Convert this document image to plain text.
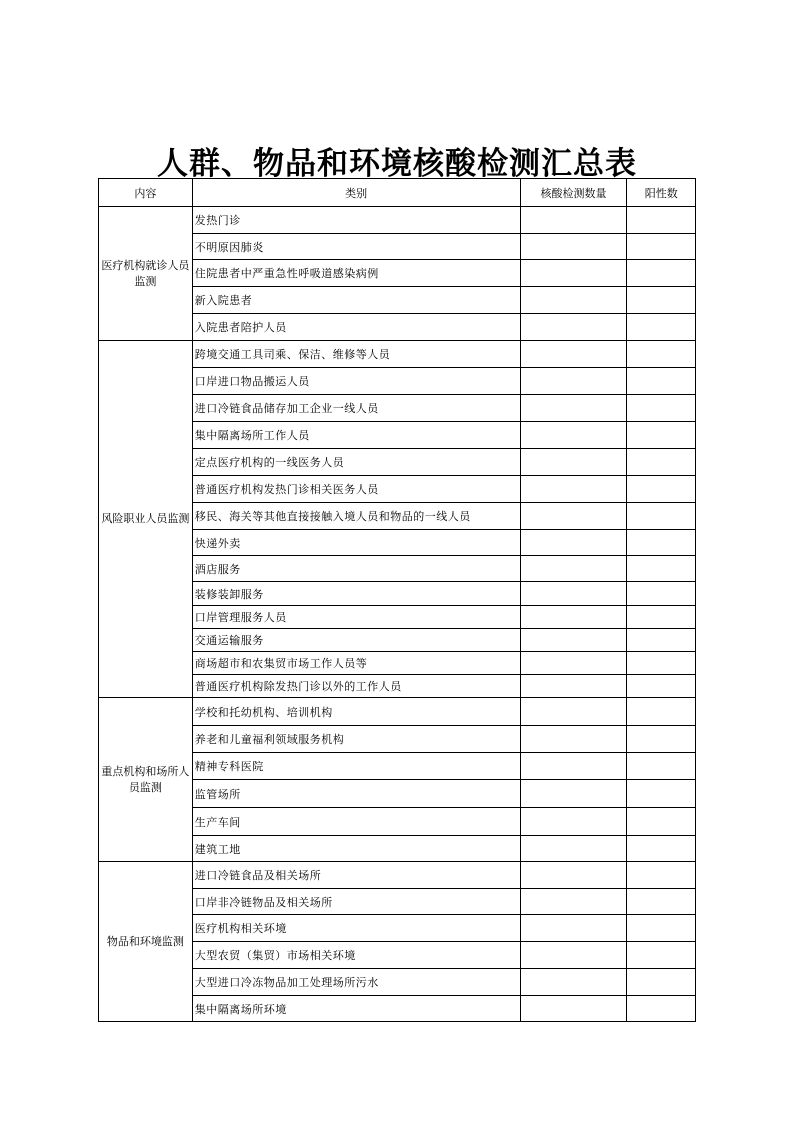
人群、物品和环境核酸检测汇总表
内容	类别	核酸检测数量	阳性数
医疗机构就诊人员监测	发热门诊		
	不明原因肺炎		
	住院患者中严重急性呼吸道感染病例		
	新入院患者		
	入院患者陪护人员		
风险职业人员监测	跨境交通工具司乘、保洁、维修等人员		
	口岸进口物品搬运人员		
	进口冷链食品储存加工企业一线人员		
	集中隔离场所工作人员		
	定点医疗机构的一线医务人员		
	普通医疗机构发热门诊相关医务人员		
	移民、海关等其他直接接触入境人员和物品的一线人员		
	快递外卖		
	酒店服务		
	装修装卸服务		
	口岸管理服务人员		
	交通运输服务		
	商场超市和农集贸市场工作人员等		
	普通医疗机构除发热门诊以外的工作人员		
重点机构和场所人员监测	学校和托幼机构、培训机构		
	养老和儿童福利领域服务机构		
	精神专科医院		
	监管场所		
	生产车间		
	建筑工地		
物品和环境监测	进口冷链食品及相关场所		
	口岸非冷链物品及相关场所		
	医疗机构相关环境		
	大型农贸（集贸）市场相关环境		
	大型进口冷冻物品加工处理场所污水		
	集中隔离场所环境		
